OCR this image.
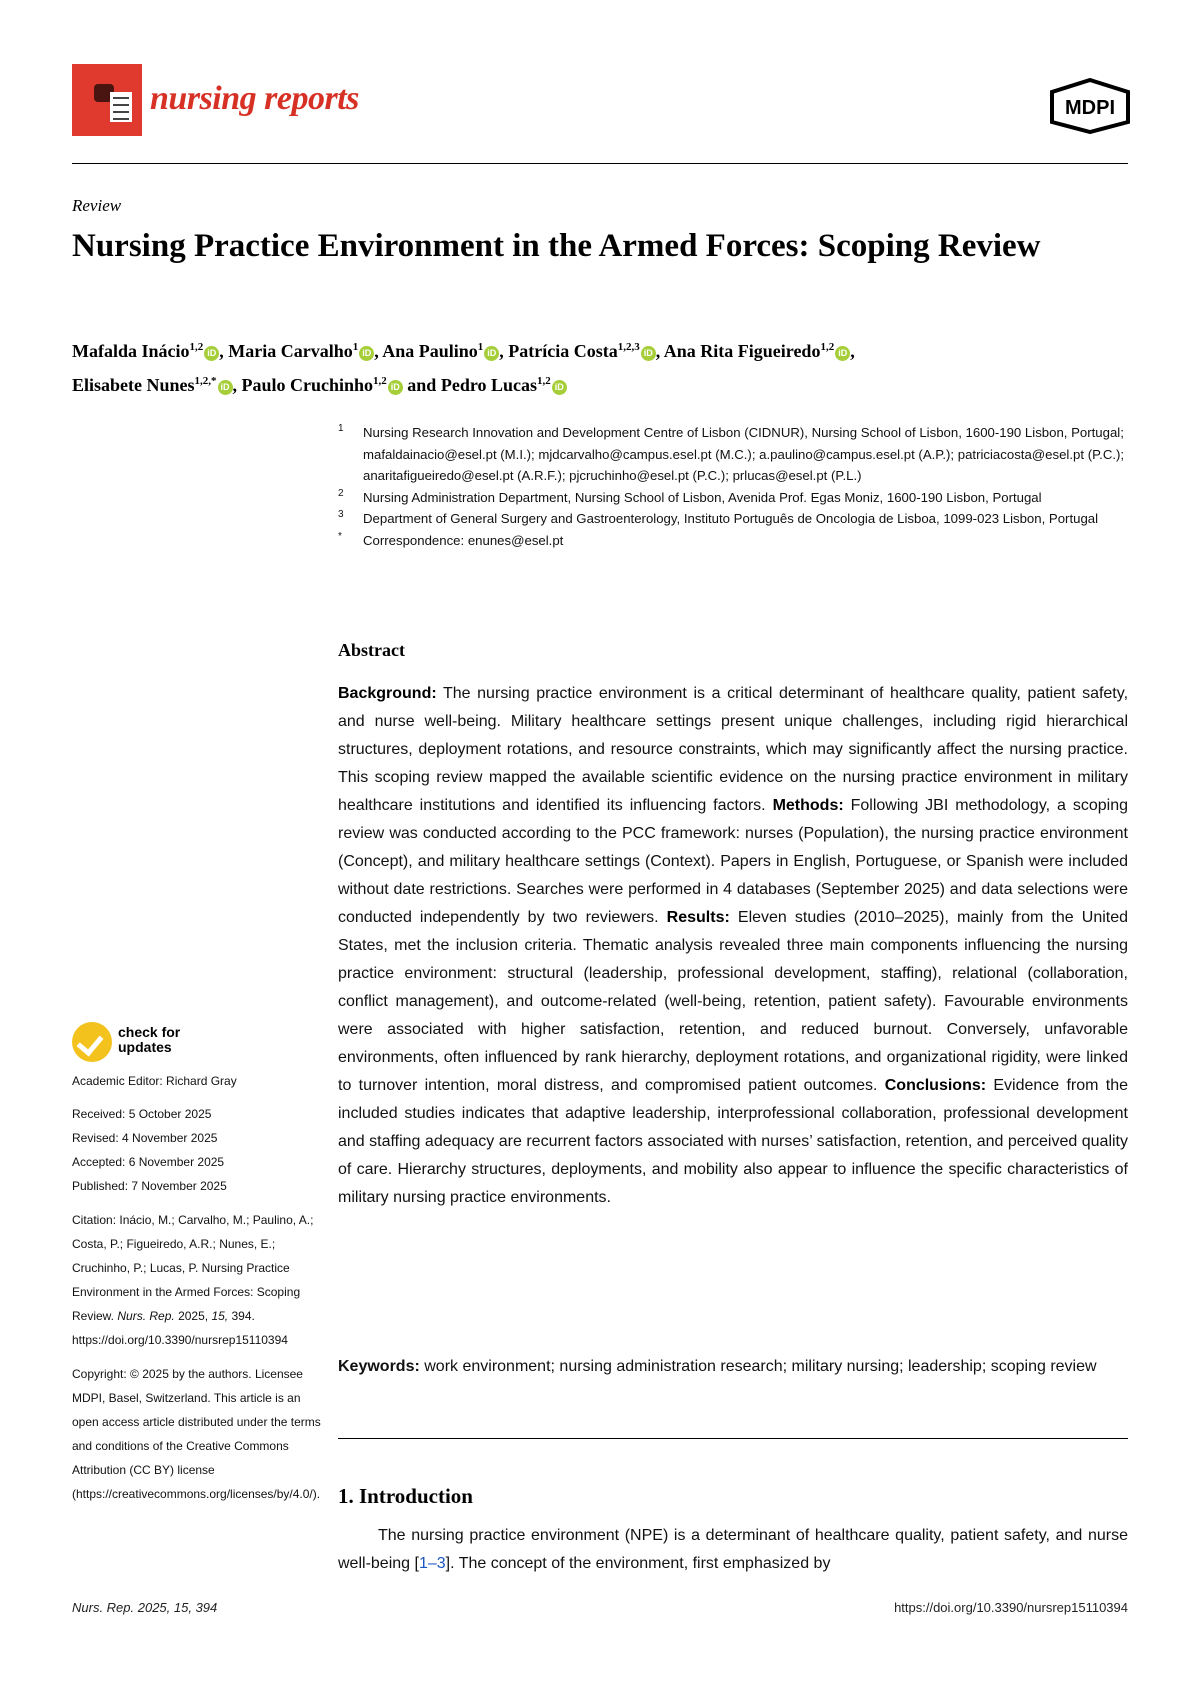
nursing reports	MDPI
Review
Nursing Practice Environment in the Armed Forces: Scoping Review
Mafalda Inácio$^{1,2}$ iD , Maria Carvalho$^1$ iD , Ana Paulino$^1$ iD , Patrícia Costa$^{1,2,3}$ iD , Ana Rita Figueiredo$^{1,2}$ iD ,
Elisabete Nunes$^{1,2,*}$ iD , Paulo Cruchinho$^{1,2}$ iD and Pedro Lucas$^{1,2}$ iD
1 Nursing Research Innovation and Development Centre of Lisbon (CIDNUR), Nursing School of Lisbon, 1600-190 Lisbon, Portugal; mafaldainacio@esel.pt (M.I.); mjdcarvalho@campus.esel.pt (M.C.); a.paulino@campus.esel.pt (A.P.); patriciacosta@esel.pt (P.C.); anaritafigueiredo@esel.pt (A.R.F.); pjcruchinho@esel.pt (P.C.); prlucas@esel.pt (P.L.)
2 Nursing Administration Department, Nursing School of Lisbon, Avenida Prof. Egas Moniz, 1600-190 Lisbon, Portugal
3 Department of General Surgery and Gastroenterology, Instituto Português de Oncologia de Lisboa, 1099-023 Lisbon, Portugal
* Correspondence: enunes@esel.pt
Abstract
Background: The nursing practice environment is a critical determinant of healthcare quality, patient safety, and nurse well-being. Military healthcare settings present unique challenges, including rigid hierarchical structures, deployment rotations, and resource constraints, which may significantly affect the nursing practice. This scoping review mapped the available scientific evidence on the nursing practice environment in military healthcare institutions and identified its influencing factors. Methods: Following JBI methodology, a scoping review was conducted according to the PCC framework: nurses (Population), the nursing practice environment (Concept), and military healthcare settings (Context). Papers in English, Portuguese, or Spanish were included without date restrictions. Searches were performed in 4 databases (September 2025) and data selections were conducted independently by two reviewers. Results: Eleven studies (2010–2025), mainly from the United States, met the inclusion criteria. Thematic analysis revealed three main components influencing the nursing practice environment: structural (leadership, professional development, staffing), relational (collaboration, conflict management), and outcome-related (well-being, retention, patient safety). Favourable environments were associated with higher satisfaction, retention, and reduced burnout. Conversely, unfavorable environments, often influenced by rank hierarchy, deployment rotations, and organizational rigidity, were linked to turnover intention, moral distress, and compromised patient outcomes. Conclusions: Evidence from the included studies indicates that adaptive leadership, interprofessional collaboration, professional development and staffing adequacy are recurrent factors associated with nurses’ satisfaction, retention, and perceived quality of care. Hierarchy structures, deployments, and mobility also appear to influence the specific characteristics of military nursing practice environments.
Keywords: work environment; nursing administration research; military nursing; leadership; scoping review
1. Introduction
The nursing practice environment (NPE) is a determinant of healthcare quality, patient safety, and nurse well-being [1–3]. The concept of the environment, first emphasized by
check for
updates
Academic Editor: Richard Gray
Received: 5 October 2025
Revised: 4 November 2025
Accepted: 6 November 2025
Published: 7 November 2025
Citation: Inácio, M.; Carvalho, M.; Paulino, A.; Costa, P.; Figueiredo, A.R.; Nunes, E.; Cruchinho, P.; Lucas, P. Nursing Practice Environment in the Armed Forces: Scoping Review. Nurs. Rep. 2025, 15, 394. https://doi.org/10.3390/nursrep15110394
Copyright: © 2025 by the authors. Licensee MDPI, Basel, Switzerland. This article is an open access article distributed under the terms and conditions of the Creative Commons Attribution (CC BY) license (https://creativecommons.org/licenses/by/4.0/).
Nurs. Rep. 2025, 15, 394	https://doi.org/10.3390/nursrep15110394
